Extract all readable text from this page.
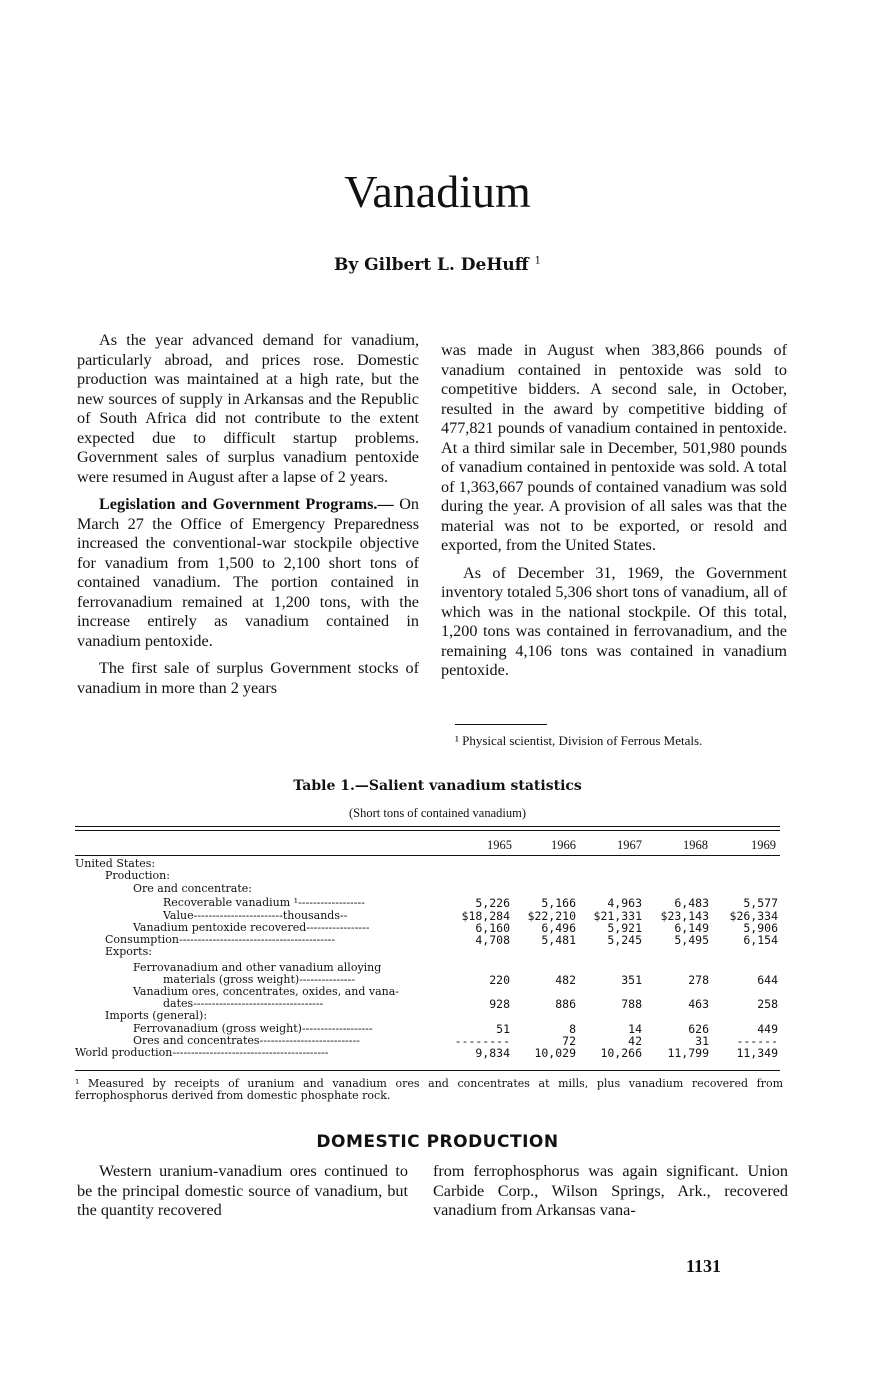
Vanadium
By Gilbert L. DeHuff $^1$

As the year advanced demand for vanadium, particularly abroad, and prices rose. Domestic production was maintained at a high rate, but the new sources of supply in Arkansas and the Republic of South Africa did not contribute to the extent expected due to difficult startup problems. Government sales of surplus vanadium pentoxide were resumed in August after a lapse of 2 years.

Legislation and Government Programs.— On March 27 the Office of Emergency Preparedness increased the conventional-war stockpile objective for vanadium from 1,500 to 2,100 short tons of contained vanadium. The portion contained in ferrovanadium remained at 1,200 tons, with the increase entirely as vanadium contained in vanadium pentoxide.

The first sale of surplus Government stocks of vanadium in more than 2 years

was made in August when 383,866 pounds of vanadium contained in pentoxide was sold to competitive bidders. A second sale, in October, resulted in the award by competitive bidding of 477,821 pounds of vanadium contained in pentoxide. At a third similar sale in December, 501,980 pounds of vanadium contained in pentoxide was sold. A total of 1,363,667 pounds of contained vanadium was sold during the year. A provision of all sales was that the material was not to be exported, or resold and exported, from the United States.

As of December 31, 1969, the Government inventory totaled 5,306 short tons of vanadium, all of which was in the national stockpile. Of this total, 1,200 tons was contained in ferrovanadium, and the remaining 4,106 tons was contained in vanadium pentoxide.

¹ Physical scientist, Division of Ferrous Metals.
Table 1.—Salient vanadium statistics
(Short tons of contained vanadium)
1965	1966	1967	1968	1969
United States:
Production:
Ore and concentrate:
Recoverable vanadium ¹------------------	5,226	5,166	4,963	6,483	5,577
Value------------------------thousands--	$18,284	$22,210	$21,331	$23,143	$26,334
Vanadium pentoxide recovered-----------------	6,160	6,496	5,921	6,149	5,906
Consumption------------------------------------------	4,708	5,481	5,245	5,495	6,154
Exports:
Ferrovanadium and other vanadium alloying
materials (gross weight)---------------	220	482	351	278	644
Vanadium ores, concentrates, oxides, and vana-
dates-----------------------------------	928	886	788	463	258
Imports (general):
Ferrovanadium (gross weight)-------------------	51	8	14	626	449
Ores and concentrates---------------------------	--------	72	42	31	------
World production------------------------------------------	9,834	10,029	10,266	11,799	11,349
¹ Measured by receipts of uranium and vanadium ores and concentrates at mills, plus vanadium recovered from ferrophosphorus derived from domestic phosphate rock.
DOMESTIC PRODUCTION

Western uranium-vanadium ores continued to be the principal domestic source of vanadium, but the quantity recovered

from ferrophosphorus was again significant. Union Carbide Corp., Wilson Springs, Ark., recovered vanadium from Arkansas vana-

1131
